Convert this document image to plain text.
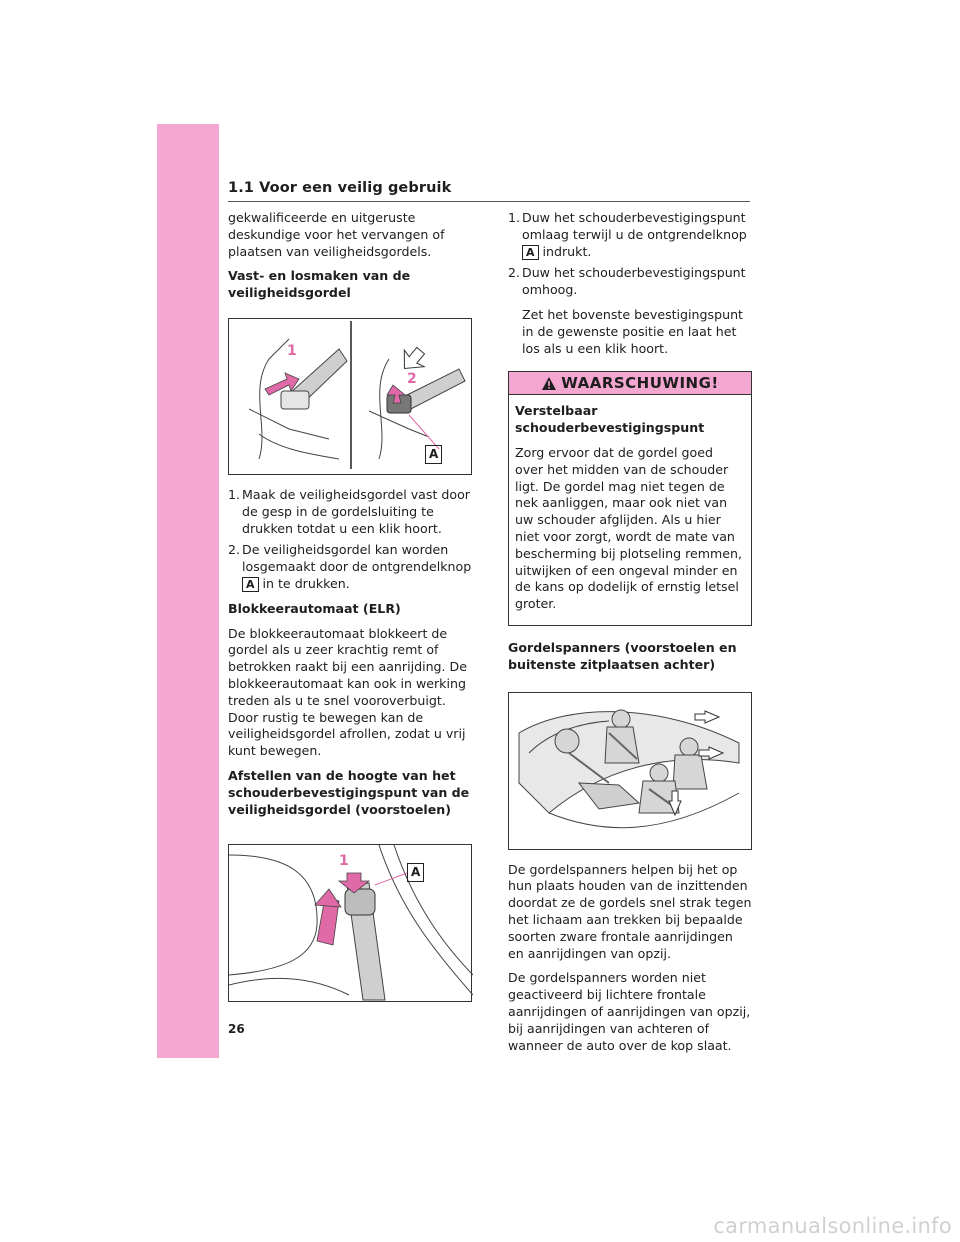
1.1 Voor een veilig gebruik

gekwalificeerde en uitgeruste deskundige voor het vervangen of plaatsen van veiligheidsgordels.

Vast- en losmaken van de veiligheidsgordel

1
2
A
1. Maak de veiligheidsgordel vast door de gesp in de gordelsluiting te drukken totdat u een klik hoort.
2. De veiligheidsgordel kan worden losgemaakt door de ontgrendelknop
A in te drukken.

Blokkeerautomaat (ELR)

De blokkeerautomaat blokkeert de gordel als u zeer krachtig remt of betrokken raakt bij een aanrijding. De blokkeerautomaat kan ook in werking treden als u te snel vooroverbuigt. Door rustig te bewegen kan de veiligheidsgordel afrollen, zodat u vrij kunt bewegen.

Afstellen van de hoogte van het schouderbevestigingspunt van de veiligheidsgordel (voorstoelen)

1
2
A
1. Duw het schouderbevestigingspunt omlaag terwijl u de ontgrendelknop
A indrukt.
2. Duw het schouderbevestigingspunt omhoog.

Zet het bovenste bevestigingspunt in de gewenste positie en laat het los als u een klik hoort.

WAARSCHUWING!

Verstelbaar schouderbevestigingspunt

Zorg ervoor dat de gordel goed over het midden van de schouder ligt. De gordel mag niet tegen de nek aanliggen, maar ook niet van uw schouder afglijden. Als u hier niet voor zorgt, wordt de mate van bescherming bij plotseling remmen, uitwijken of een ongeval minder en de kans op dodelijk of ernstig letsel groter.

Gordelspanners (voorstoelen en buitenste zitplaatsen achter)

De gordelspanners helpen bij het op hun plaats houden van de inzittenden doordat ze de gordels snel strak tegen het lichaam aan trekken bij bepaalde soorten zware frontale aanrijdingen en aanrijdingen van opzij.

De gordelspanners worden niet geactiveerd bij lichtere frontale aanrijdingen of aanrijdingen van opzij, bij aanrijdingen van achteren of wanneer de auto over de kop slaat.

26
carmanualsonline.info
